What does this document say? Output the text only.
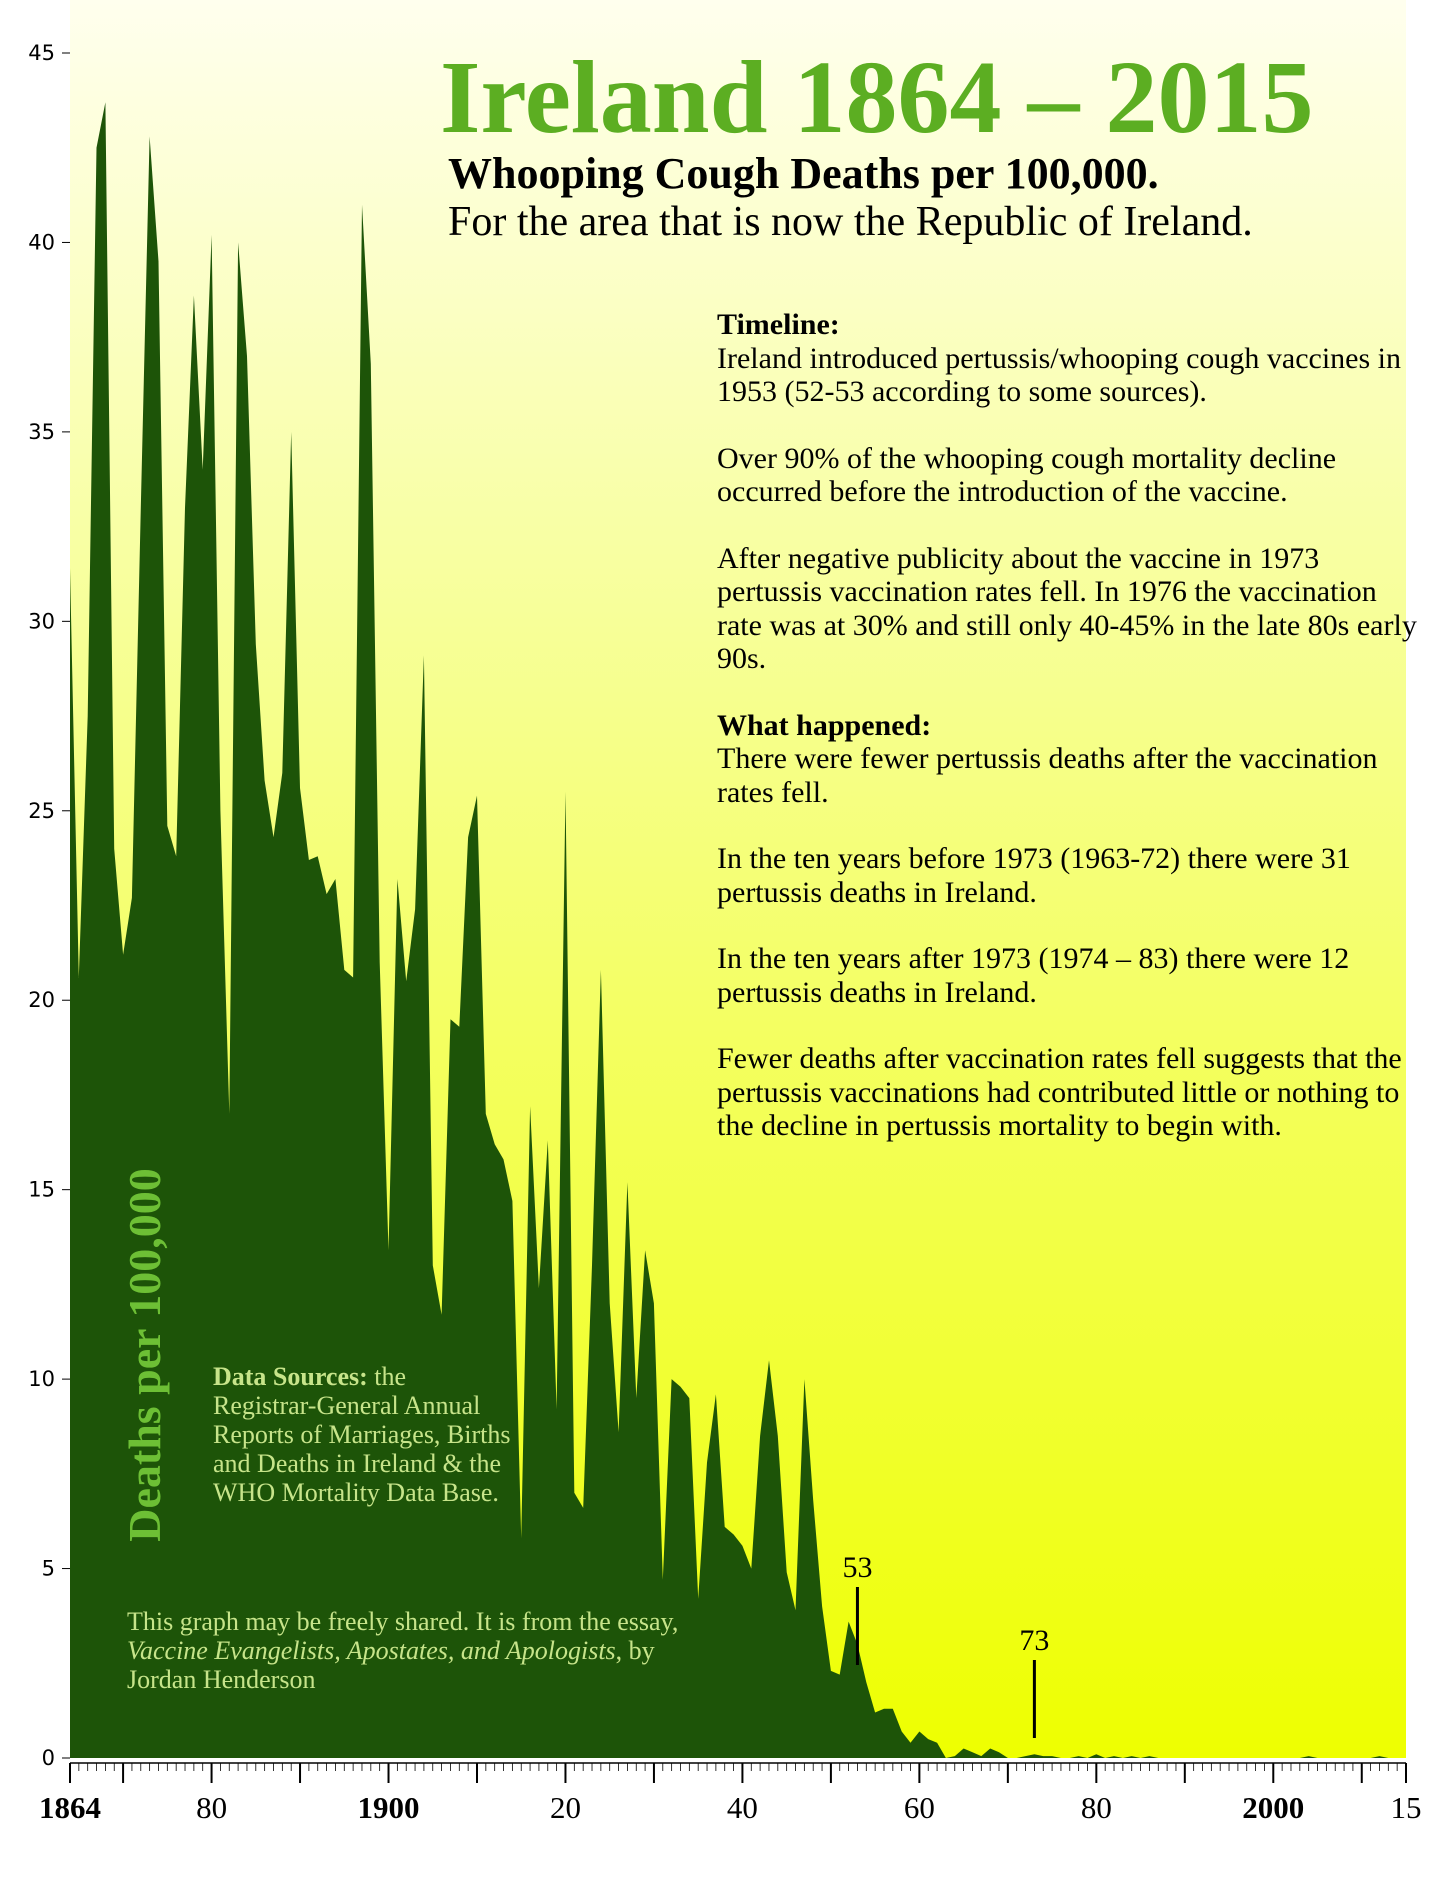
53
73
0
5
10
15
20
25
30
35
40
45
1864	80	1900	20	40	60	80	2000	15
Deaths per 100,000
Ireland 1864 – 2015
Whooping Cough Deaths per 100,000.
For the area that is now the Republic of Ireland.

Timeline:
Ireland introduced pertussis/whooping cough vaccines in 1953 (52-53 according to some sources).

Over 90% of the whooping cough mortality decline occurred before the introduction of the vaccine.

After negative publicity about the vaccine in 1973 pertussis vaccination rates fell. In 1976 the vaccination rate was at 30% and still only 40-45% in the late 80s early 90s.

What happened:
There were fewer pertussis deaths after the vaccination rates fell.

In the ten years before 1973 (1963-72) there were 31 pertussis deaths in Ireland.

In the ten years after 1973 (1974 – 83) there were 12 pertussis deaths in Ireland.

Fewer deaths after vaccination rates fell suggests that the pertussis vaccinations had contributed little or nothing to the decline in pertussis mortality to begin with.

Data Sources: the Registrar-General Annual Reports of Marriages, Births and Deaths in Ireland & the WHO Mortality Data Base.
This graph may be freely shared. It is from the essay, Vaccine Evangelists, Apostates, and Apologists, by Jordan Henderson
